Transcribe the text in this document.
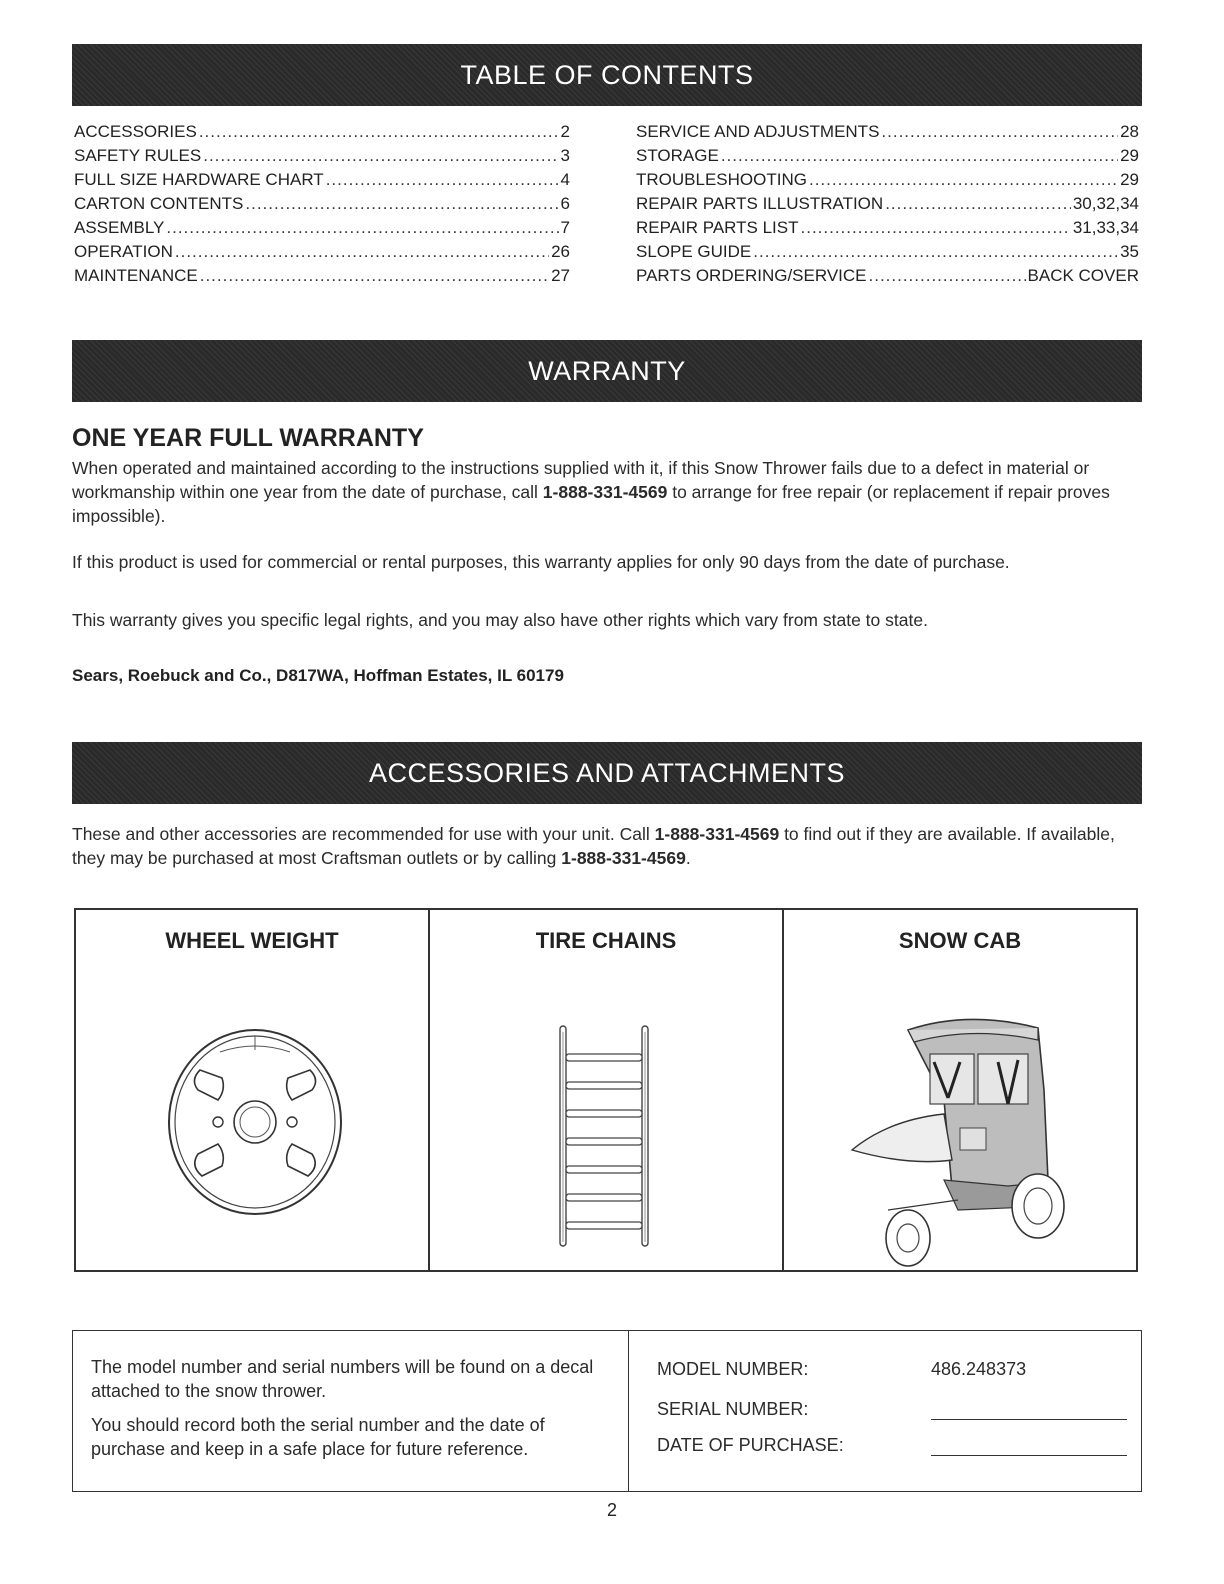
TABLE OF CONTENTS
ACCESSORIES .....	2
SAFETY RULES .....	3
FULL SIZE HARDWARE CHART .....	4
CARTON CONTENTS .....	6
ASSEMBLY .....	7
OPERATION .....	26
MAINTENANCE .....	27
SERVICE AND ADJUSTMENTS .....	28
STORAGE .....	29
TROUBLESHOOTING .....	29
REPAIR PARTS ILLUSTRATION .....	30,32,34
REPAIR PARTS LIST .....	31,33,34
SLOPE GUIDE .....	35
PARTS ORDERING/SERVICE .....	BACK COVER
WARRANTY
ONE YEAR FULL WARRANTY
When operated and maintained according to the instructions supplied with it, if this Snow Thrower fails due to a defect in material or workmanship within one year from the date of purchase, call 1-888-331-4569 to arrange for free repair (or replacement if repair proves impossible).
If this product is used for commercial or rental purposes, this warranty applies for only 90 days from the date of purchase.
This warranty gives you specific legal rights, and you may also have other rights which vary from state to state.
Sears, Roebuck and Co., D817WA, Hoffman Estates, IL 60179
ACCESSORIES AND ATTACHMENTS
These and other accessories are recommended for use with your unit. Call 1-888-331-4569 to find out if they are available. If available, they may be purchased at most Craftsman outlets or by calling 1-888-331-4569.
WHEEL WEIGHT	TIRE CHAINS	SNOW CAB

The model number and serial numbers will be found on a decal attached to the snow thrower.

You should record both the serial number and the date of purchase and keep in a safe place for future reference.

MODEL NUMBER:	486.248373
SERIAL NUMBER:
DATE OF PURCHASE:
2
